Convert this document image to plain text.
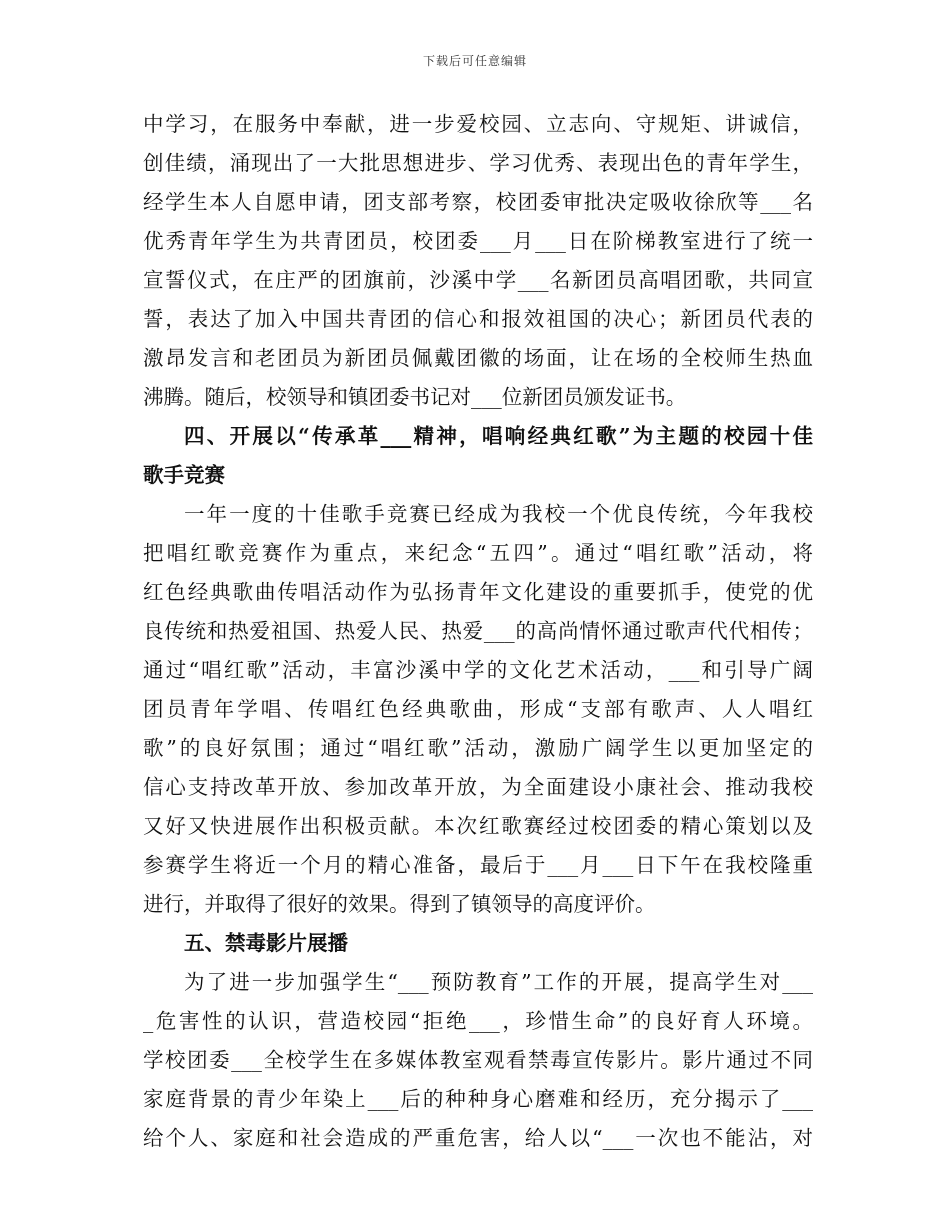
下载后可任意编辑
中学习，在服务中奉献，进一步爱校园、立志向、守规矩、讲诚信，
创佳绩，涌现出了一大批思想进步、学习优秀、表现出色的青年学生，
经学生本人自愿申请，团支部考察，校团委审批决定吸收徐欣等___名
优秀青年学生为共青团员，校团委___月___日在阶梯教室进行了统一
宣誓仪式，在庄严的团旗前，沙溪中学___名新团员高唱团歌，共同宣
誓，表达了加入中国共青团的信心和报效祖国的决心；新团员代表的
激昂发言和老团员为新团员佩戴团徽的场面，让在场的全校师生热血
沸腾。随后，校领导和镇团委书记对___位新团员颁发证书。
四、开展以“传承革___精神，唱响经典红歌”为主题的校园十佳
歌手竞赛
一年一度的十佳歌手竞赛已经成为我校一个优良传统，今年我校
把唱红歌竞赛作为重点，来纪念“五四”。通过“唱红歌”活动，将
红色经典歌曲传唱活动作为弘扬青年文化建设的重要抓手，使党的优
良传统和热爱祖国、热爱人民、热爱___的高尚情怀通过歌声代代相传；
通过“唱红歌”活动，丰富沙溪中学的文化艺术活动，___和引导广阔
团员青年学唱、传唱红色经典歌曲，形成“支部有歌声、人人唱红
歌”的良好氛围；通过“唱红歌”活动，激励广阔学生以更加坚定的
信心支持改革开放、参加改革开放，为全面建设小康社会、推动我校
又好又快进展作出积极贡献。本次红歌赛经过校团委的精心策划以及
参赛学生将近一个月的精心准备，最后于___月___日下午在我校隆重
进行，并取得了很好的效果。得到了镇领导的高度评价。
五、禁毒影片展播
为了进一步加强学生“___预防教育”工作的开展，提高学生对___
_危害性的认识，营造校园“拒绝___，珍惜生命”的良好育人环境。
学校团委___全校学生在多媒体教室观看禁毒宣传影片。影片通过不同
家庭背景的青少年染上___后的种种身心磨难和经历，充分揭示了___
给个人、家庭和社会造成的严重危害，给人以“___一次也不能沾，对
